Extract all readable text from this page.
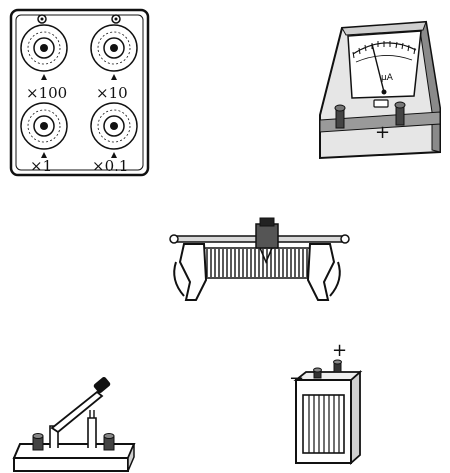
×100 ×10
×1	×0.1
μA
+
+
−
